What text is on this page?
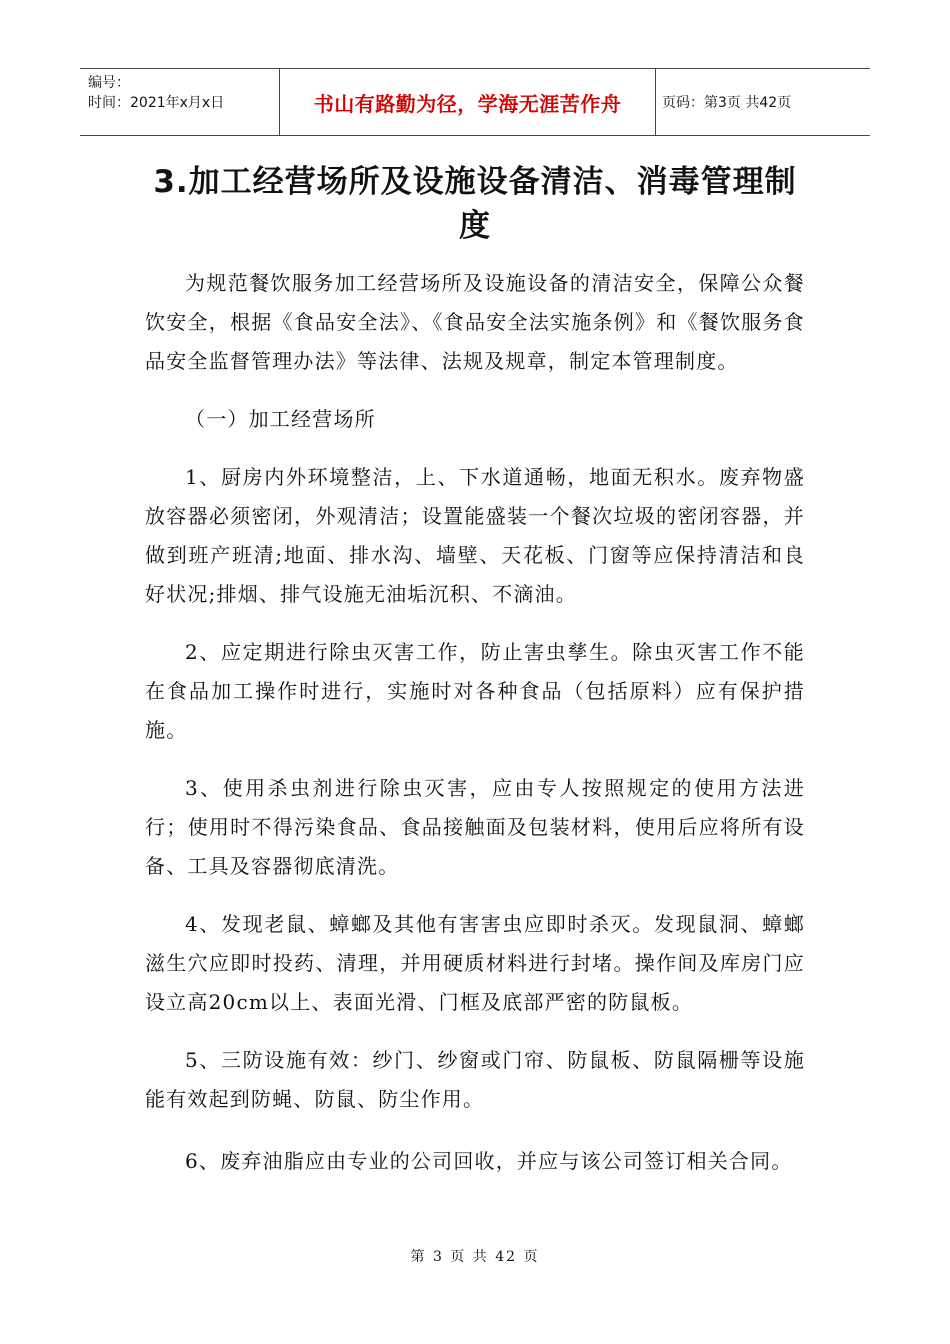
编号：
时间：2021年x月x日	书山有路勤为径，学海无涯苦作舟	页码：第3页 共42页
3.加工经营场所及设施设备清洁、消毒管理制度

为规范餐饮服务加工经营场所及设施设备的清洁安全，保障公众餐饮安全，根据《食品安全法》、《食品安全法实施条例》和《餐饮服务食品安全监督管理办法》等法律、法规及规章，制定本管理制度。

（一）加工经营场所

1、厨房内外环境整洁，上、下水道通畅，地面无积水。废弃物盛放容器必须密闭，外观清洁；设置能盛装一个餐次垃圾的密闭容器，并做到班产班清;地面、排水沟、墙壁、天花板、门窗等应保持清洁和良好状况;排烟、排气设施无油垢沉积、不滴油。

2、应定期进行除虫灭害工作，防止害虫孳生。除虫灭害工作不能在食品加工操作时进行，实施时对各种食品（包括原料）应有保护措施。

3、使用杀虫剂进行除虫灭害，应由专人按照规定的使用方法进行；使用时不得污染食品、食品接触面及包装材料，使用后应将所有设备、工具及容器彻底清洗。

4、发现老鼠、蟑螂及其他有害害虫应即时杀灭。发现鼠洞、蟑螂滋生穴应即时投药、清理，并用硬质材料进行封堵。操作间及库房门应设立高20cm以上、表面光滑、门框及底部严密的防鼠板。

5、三防设施有效：纱门、纱窗或门帘、防鼠板、防鼠隔栅等设施能有效起到防蝇、防鼠、防尘作用。

6、废弃油脂应由专业的公司回收，并应与该公司签订相关合同。

第 3 页 共 42 页
